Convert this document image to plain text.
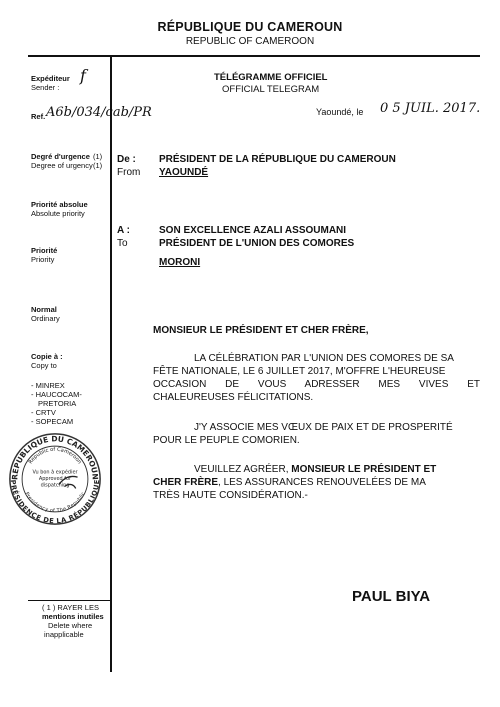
RÉPUBLIQUE DU CAMEROUN
REPUBLIC OF CAMEROON
Expéditeur
Sender :
f
Ref. A6b/034/cab/PR
Degré d'urgence (1)
Degree of urgency (1)
Priorité absolue
Absolute priority
Priorité
Priority
Normal
Ordinary
Copie à :
Copy to
- MINREX
- HAUCOCAM-
PRETORIA
- CRTV
- SOPECAM
REPUBLIQUE DU CAMEROUN
PRÉSIDENCE DE LA RÉPUBLIQUE
Republic of Cameroon
Presidency of The Republic
Vu bon à expédier
Approved for
dispatching
( 1 ) RAYER LES
mentions inutiles
Delete where
inapplicable
TÉLÉGRAMME OFFICIEL
OFFICIAL TELEGRAM
Yaoundé, le 0 5 JUIL. 2017.
De :
From
PRÉSIDENT DE LA RÉPUBLIQUE DU CAMEROUN
YAOUNDÉ
A :
To
SON EXCELLENCE AZALI ASSOUMANI
PRÉSIDENT DE L'UNION DES COMORES
MORONI
MONSIEUR LE PRÉSIDENT ET CHER FRÈRE,
LA CÉLÉBRATION PAR L'UNION DES COMORES DE SA
FÊTE NATIONALE, LE 6 JUILLET 2017, M'OFFRE L'HEUREUSE
OCCASION DE VOUS ADRESSER MES VIVES ET
CHALEUREUSES FÉLICITATIONS.
J'Y ASSOCIE MES VŒUX DE PAIX ET DE PROSPERITÉ
POUR LE PEUPLE COMORIEN.
VEUILLEZ AGRÉER, MONSIEUR LE PRÉSIDENT ET
CHER FRÈRE, LES ASSURANCES RENOUVELÉES DE MA
TRÈS HAUTE CONSIDÉRATION.-
PAUL BIYA
